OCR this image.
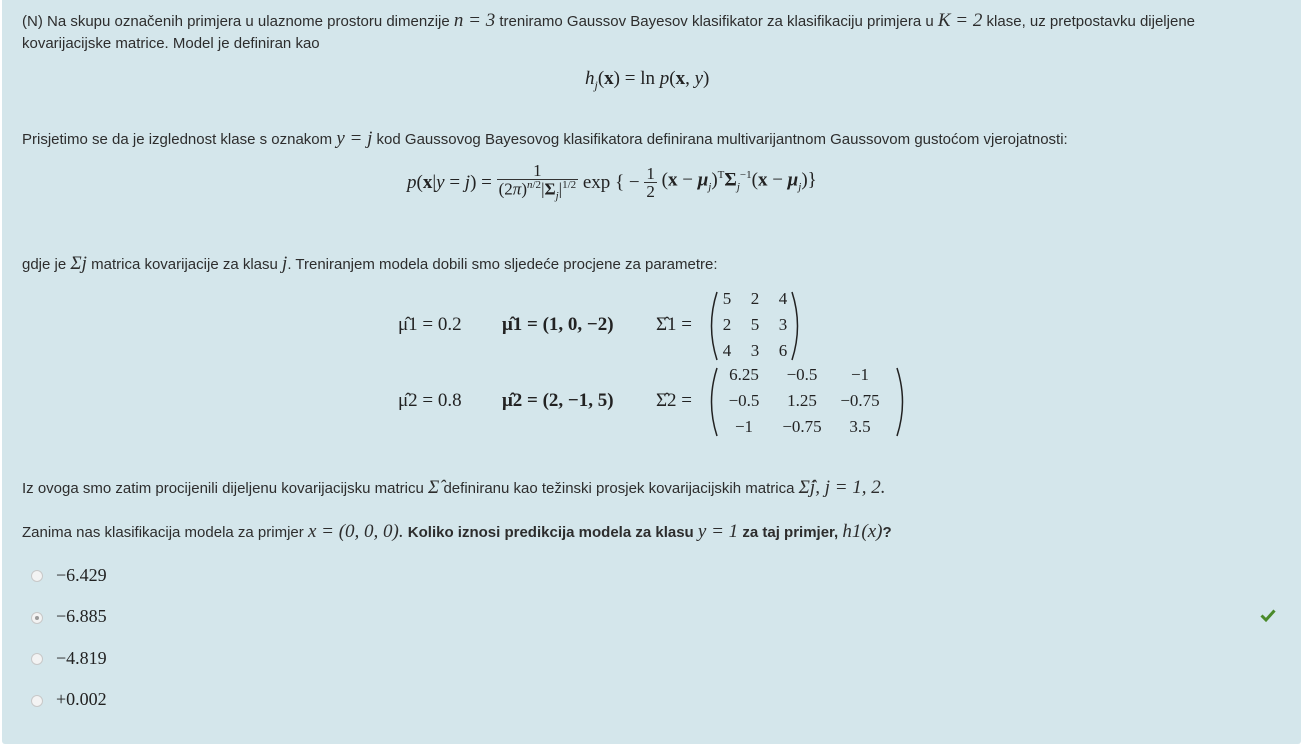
(N) Na skupu označenih primjera u ulaznome prostoru dimenzije n = 3 treniramo Gaussov Bayesov klasifikator za klasifikaciju primjera u K = 2 klase, uz pretpostavku dijeljene
kovarijacijske matrice. Model je definiran kao
$h_j(x) = \ln p(x$, y)
Prisjetimo se da je izglednost klase s oznakom y = j kod Gaussovog Bayesovog klasifikatora definirana multivarijantnom Gaussovom gustoćom vjerojatnosti:
$p(x|y = j) = \frac{1}{(2\pi)^{n/2}|\Sigma_j|^{1/2}}$ exp { − $\frac{1}{2} (x - \mu_j)^T\Sigma_j^{-1}(x - \mu_j)$}
gdje je Σj matrica kovarijacije za klasu j. Treniranjem modela dobili smo sljedeće procjene za parametre:
μ̂1 = 0.2 μ̂1 = (1, 0, −2) Σ̂1 =
5	2	4
2	5	3
4	3	6
μ̂2 = 0.8 μ̂2 = (2, −1, 5) Σ̂2 =
6.25	−0.5	−1
−0.5	1.25	−0.75
−1	−0.75	3.5
Iz ovoga smo zatim procijenili dijeljenu kovarijacijsku matricu Σ̂ definiranu kao težinski prosjek kovarijacijskih matrica Σ̂j, j = 1, 2.
Zanima nas klasifikacija modela za primjer x = (0, 0, 0). Koliko iznosi predikcija modela za klasu y = 1 za taj primjer, h1(x)?
−6.429
−6.885
−4.819
+0.002
